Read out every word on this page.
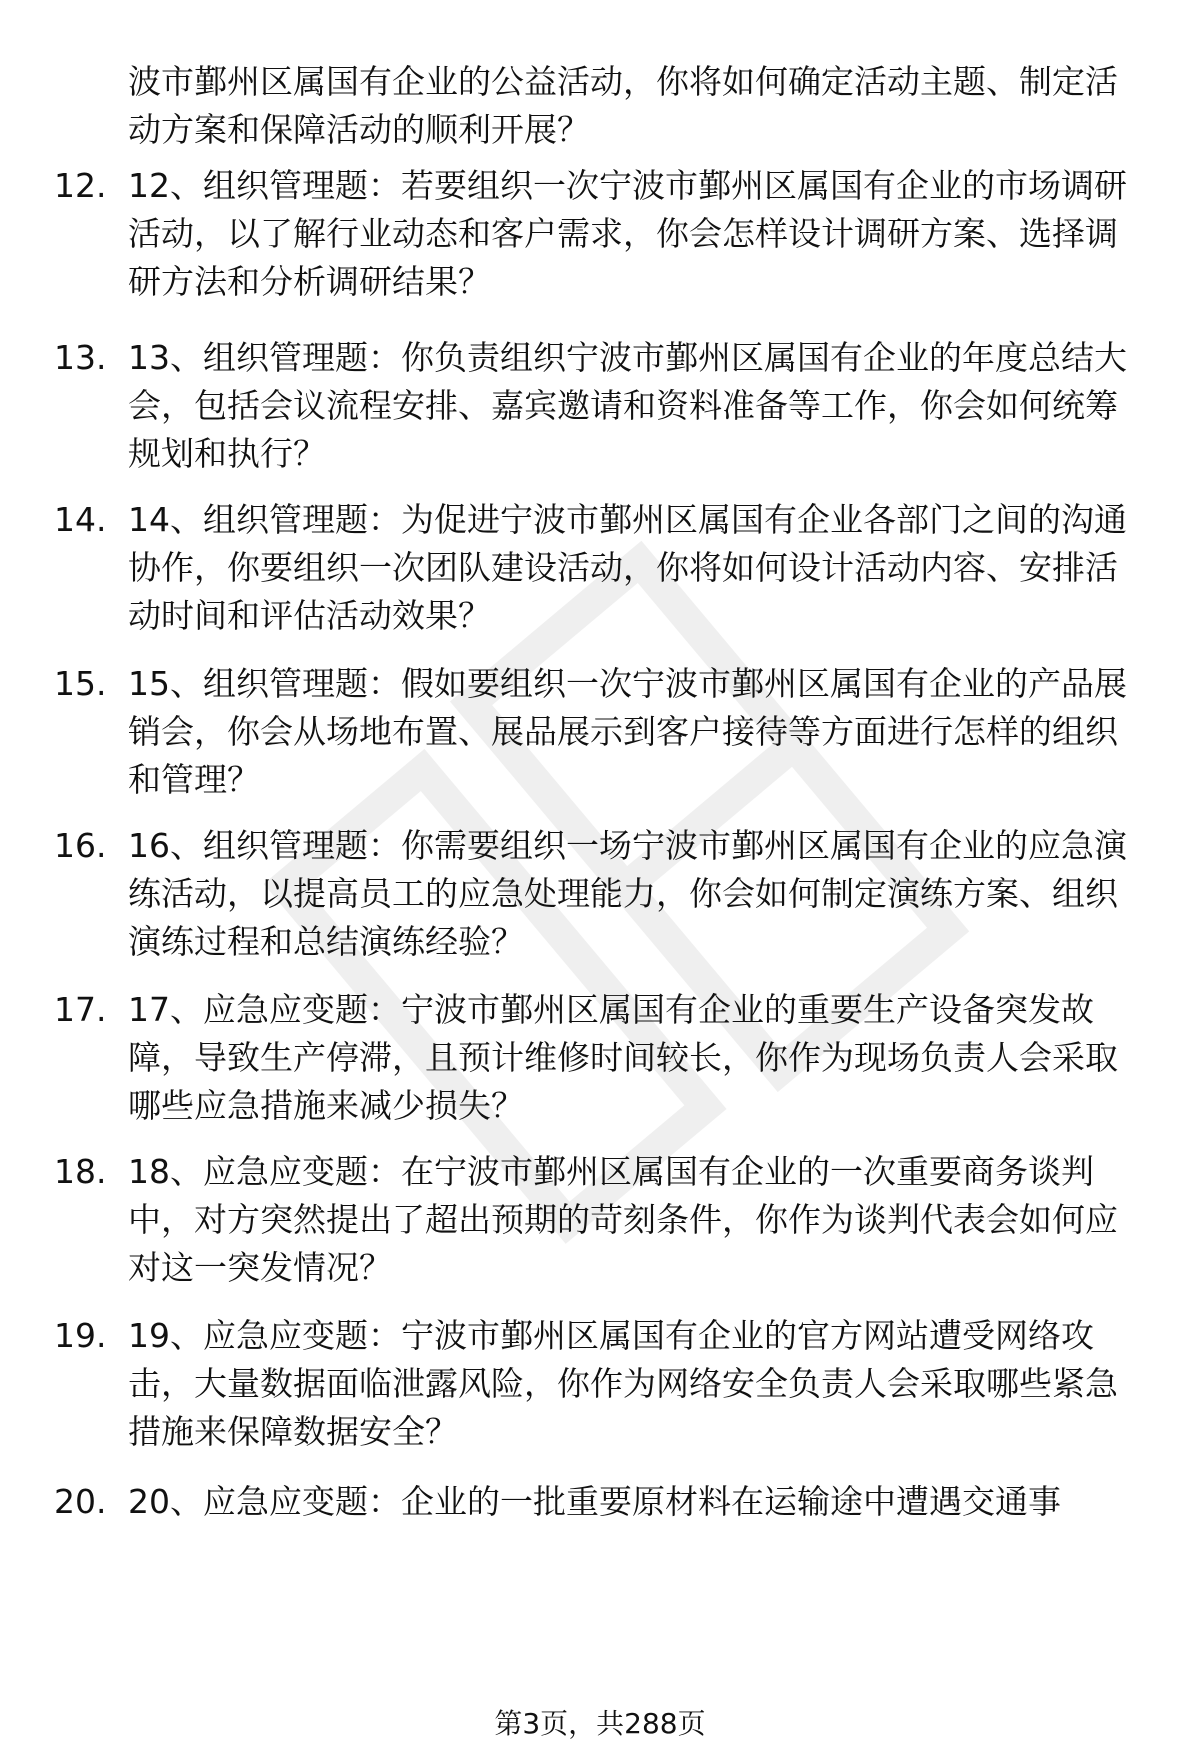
波市鄞州区属国有企业的公益活动，你将如何确定活动主题、制定活动方案和保障活动的顺利开展？

12. 12、组织管理题：若要组织一次宁波市鄞州区属国有企业的市场调研活动，以了解行业动态和客户需求，你会怎样设计调研方案、选择调研方法和分析调研结果？

13. 13、组织管理题：你负责组织宁波市鄞州区属国有企业的年度总结大会，包括会议流程安排、嘉宾邀请和资料准备等工作，你会如何统筹规划和执行？

14. 14、组织管理题：为促进宁波市鄞州区属国有企业各部门之间的沟通协作，你要组织一次团队建设活动，你将如何设计活动内容、安排活动时间和评估活动效果？

15. 15、组织管理题：假如要组织一次宁波市鄞州区属国有企业的产品展销会，你会从场地布置、展品展示到客户接待等方面进行怎样的组织和管理？

16. 16、组织管理题：你需要组织一场宁波市鄞州区属国有企业的应急演练活动，以提高员工的应急处理能力，你会如何制定演练方案、组织演练过程和总结演练经验？

17. 17、应急应变题：宁波市鄞州区属国有企业的重要生产设备突发故障，导致生产停滞，且预计维修时间较长，你作为现场负责人会采取哪些应急措施来减少损失？

18. 18、应急应变题：在宁波市鄞州区属国有企业的一次重要商务谈判中，对方突然提出了超出预期的苛刻条件，你作为谈判代表会如何应对这一突发情况？

19. 19、应急应变题：宁波市鄞州区属国有企业的官方网站遭受网络攻击，大量数据面临泄露风险，你作为网络安全负责人会采取哪些紧急措施来保障数据安全？

20. 20、应急应变题：企业的一批重要原材料在运输途中遭遇交通事

第3页，共288页
